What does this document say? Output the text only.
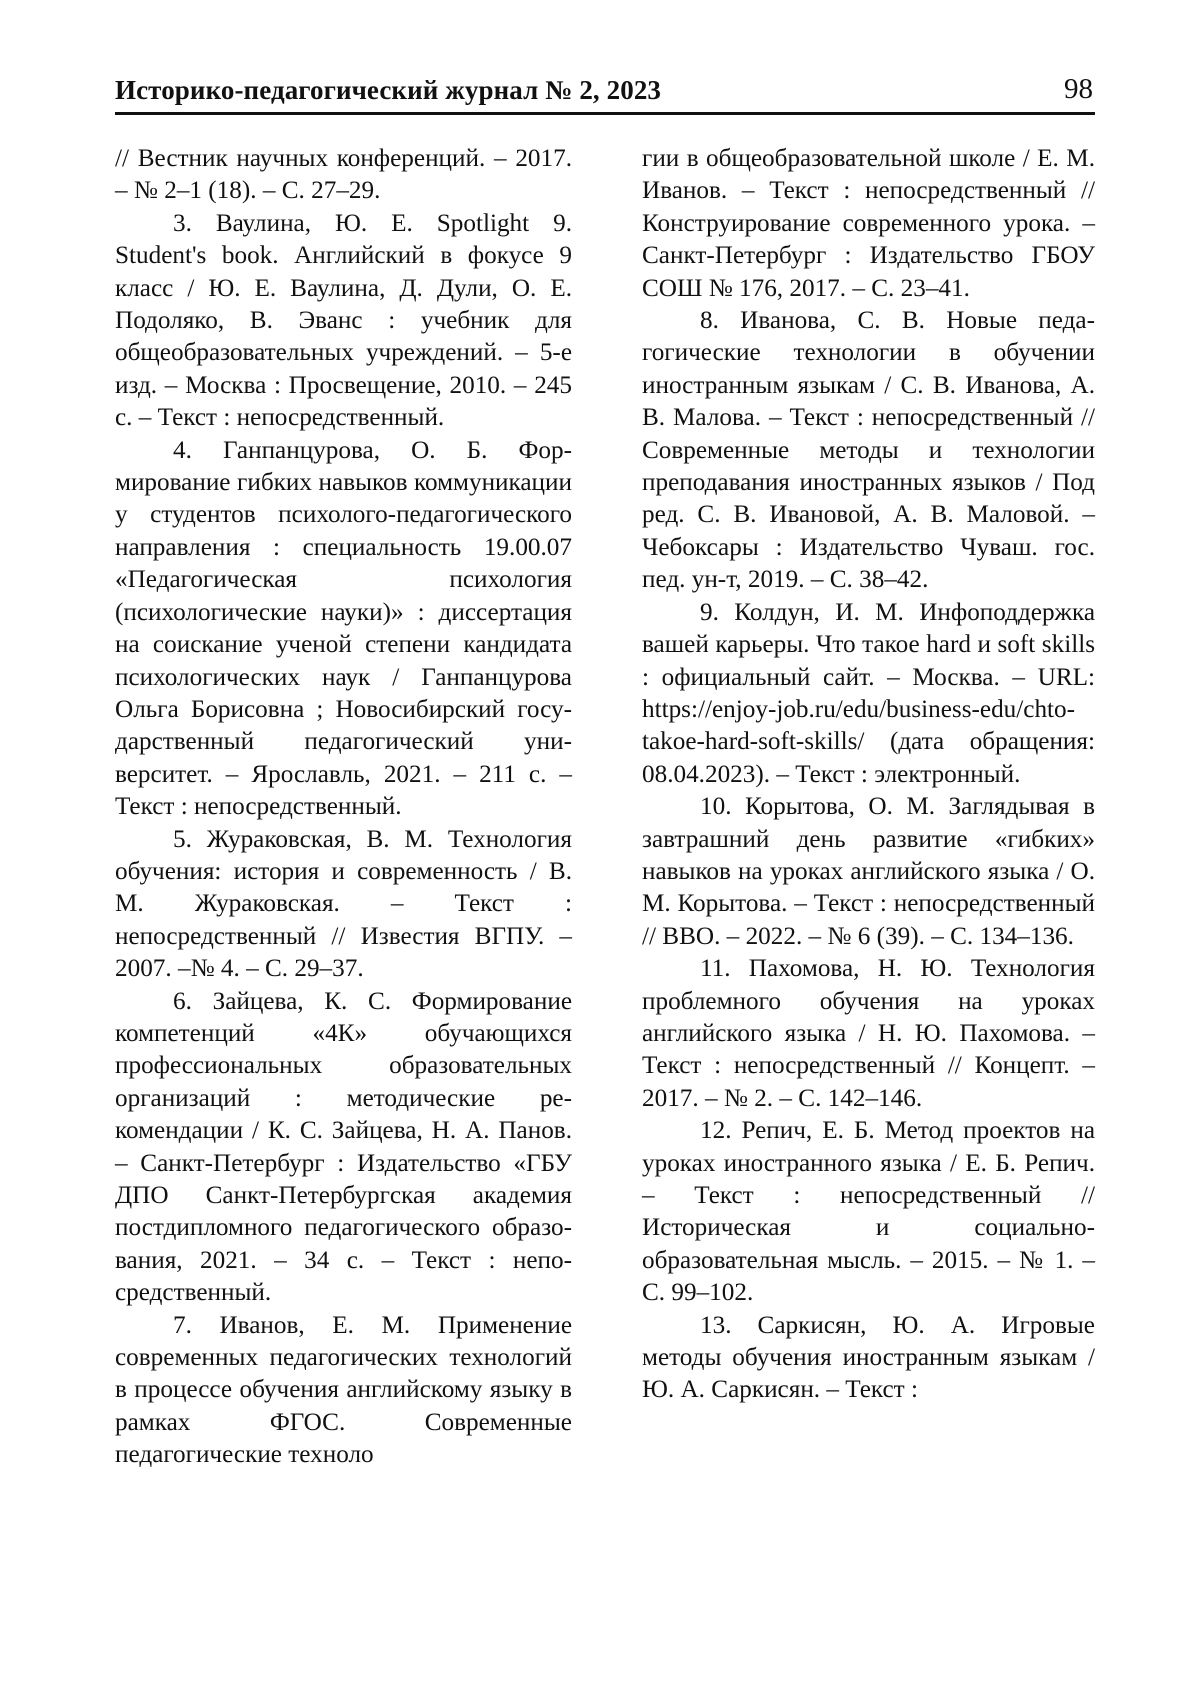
Историко-педагогический журнал № 2, 2023	98

// Вестник научных конференций. – 2017. – № 2–1 (18). – С. 27–29.

3. Ваулина, Ю. Е. Spotlight 9. Student's book. Английский в фокусе 9 класс / Ю. Е. Ваулина, Д. Дули, О. Е. Подоляко, В. Эванс : учебник для общеобразовательных учреждений. – 5-е изд. – Москва : Просвещение, 2010. – 245 с. – Текст : непосредственный.

4. Ганпанцурова, О. Б. Формирование гибких навыков коммуникации у студентов психолого-педагогического направления : специальность 19.00.07 «Педагогическая психология (психологические науки)» : диссертация на соискание ученой степени кандидата психологических наук / Ганпанцурова Ольга Борисовна ; Новосибирский государственный педагогический университет. – Ярославль, 2021. – 211 с. – Текст : непосредственный.

5. Жураковская, В. М. Технология обучения: история и современность / В. М. Жураковская. – Текст : непосредственный // Известия ВГПУ. – 2007. –№ 4. – С. 29–37.

6. Зайцева, К. С. Формирование компетенций «4К» обучающихся профессиональных образовательных организаций : методические рекомендации / К. С. Зайцева, Н. А. Панов. – Санкт-Петербург : Издательство «ГБУ ДПО Санкт-Петербургская академия постдипломного педагогического образования, 2021. – 34 с. – Текст : непосредственный.

7. Иванов, Е. М. Применение современных педагогических технологий в процессе обучения английскому языку в рамках ФГОС. Современные педагогические техноло

гии в общеобразовательной школе / Е. М. Иванов. – Текст : непосредственный // Конструирование современного урока. – Санкт-Петербург : Издательство ГБОУ СОШ № 176, 2017. – С. 23–41.

8. Иванова, С. В. Новые педагогические технологии в обучении иностранным языкам / С. В. Иванова, А. В. Малова. – Текст : непосредственный // Современные методы и технологии преподавания иностранных языков / Под ред. С. В. Ивановой, А. В. Маловой. – Чебоксары : Издательство Чуваш. гос. пед. ун-т, 2019. – С. 38–42.

9. Колдун, И. М. Инфоподдержка вашей карьеры. Что такое hard и soft skills : официальный сайт. – Москва. – URL: https://enjoy-job.ru/edu/business-edu/chto-takoe-hard-soft-skills/ (дата обращения: 08.04.2023). – Текст : электронный.

10. Корытова, О. М. Заглядывая в завтрашний день развитие «гибких» навыков на уроках английского языка / О. М. Корытова. – Текст : непосредственный // ВВО. – 2022. – № 6 (39). – С. 134–136.

11. Пахомова, Н. Ю. Технология проблемного обучения на уроках английского языка / Н. Ю. Пахомова. – Текст : непосредственный // Концепт. – 2017. – № 2. – С. 142–146.

12. Репич, Е. Б. Метод проектов на уроках иностранного языка / Е. Б. Репич. – Текст : непосредственный // Историческая и социально-образовательная мысль. – 2015. – № 1. – С. 99–102.

13. Саркисян, Ю. А. Игровые методы обучения иностранным языкам / Ю. А. Саркисян. – Текст :
